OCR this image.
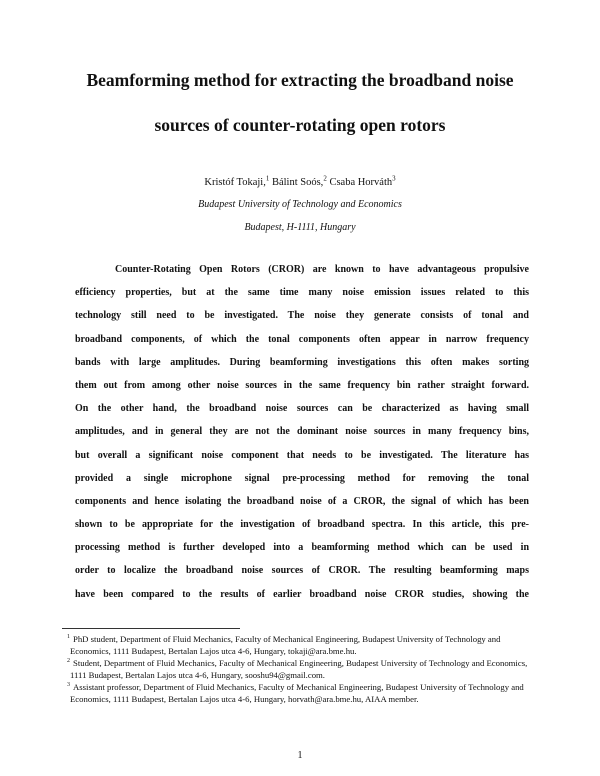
Beamforming method for extracting the broadband noise
sources of counter-rotating open rotors
Kristóf Tokaji,$^1$ Bálint Soós,$^2$ Csaba Horváth$^3$
Budapest University of Technology and Economics
Budapest, H-1111, Hungary
Counter-Rotating Open Rotors (CROR) are known to have advantageous propulsive
efficiency properties, but at the same time many noise emission issues related to this
technology still need to be investigated. The noise they generate consists of tonal and
broadband components, of which the tonal components often appear in narrow frequency
bands with large amplitudes. During beamforming investigations this often makes sorting
them out from among other noise sources in the same frequency bin rather straight forward.
On the other hand, the broadband noise sources can be characterized as having small
amplitudes, and in general they are not the dominant noise sources in many frequency bins,
but overall a significant noise component that needs to be investigated. The literature has
provided a single microphone signal pre-processing method for removing the tonal
components and hence isolating the broadband noise of a CROR, the signal of which has been
shown to be appropriate for the investigation of broadband spectra. In this article, this pre-
processing method is further developed into a beamforming method which can be used in
order to localize the broadband noise sources of CROR. The resulting beamforming maps
have been compared to the results of earlier broadband noise CROR studies, showing the

$^1$ PhD student, Department of Fluid Mechanics, Faculty of Mechanical Engineering, Budapest University of Technology and Economics, 1111 Budapest, Bertalan Lajos utca 4-6, Hungary, tokaji@ara.bme.hu.

$^2$ Student, Department of Fluid Mechanics, Faculty of Mechanical Engineering, Budapest University of Technology and Economics, 1111 Budapest, Bertalan Lajos utca 4-6, Hungary, sooshu94@gmail.com.

$^3$ Assistant professor, Department of Fluid Mechanics, Faculty of Mechanical Engineering, Budapest University of Technology and Economics, 1111 Budapest, Bertalan Lajos utca 4-6, Hungary, horvath@ara.bme.hu, AIAA member.

1
